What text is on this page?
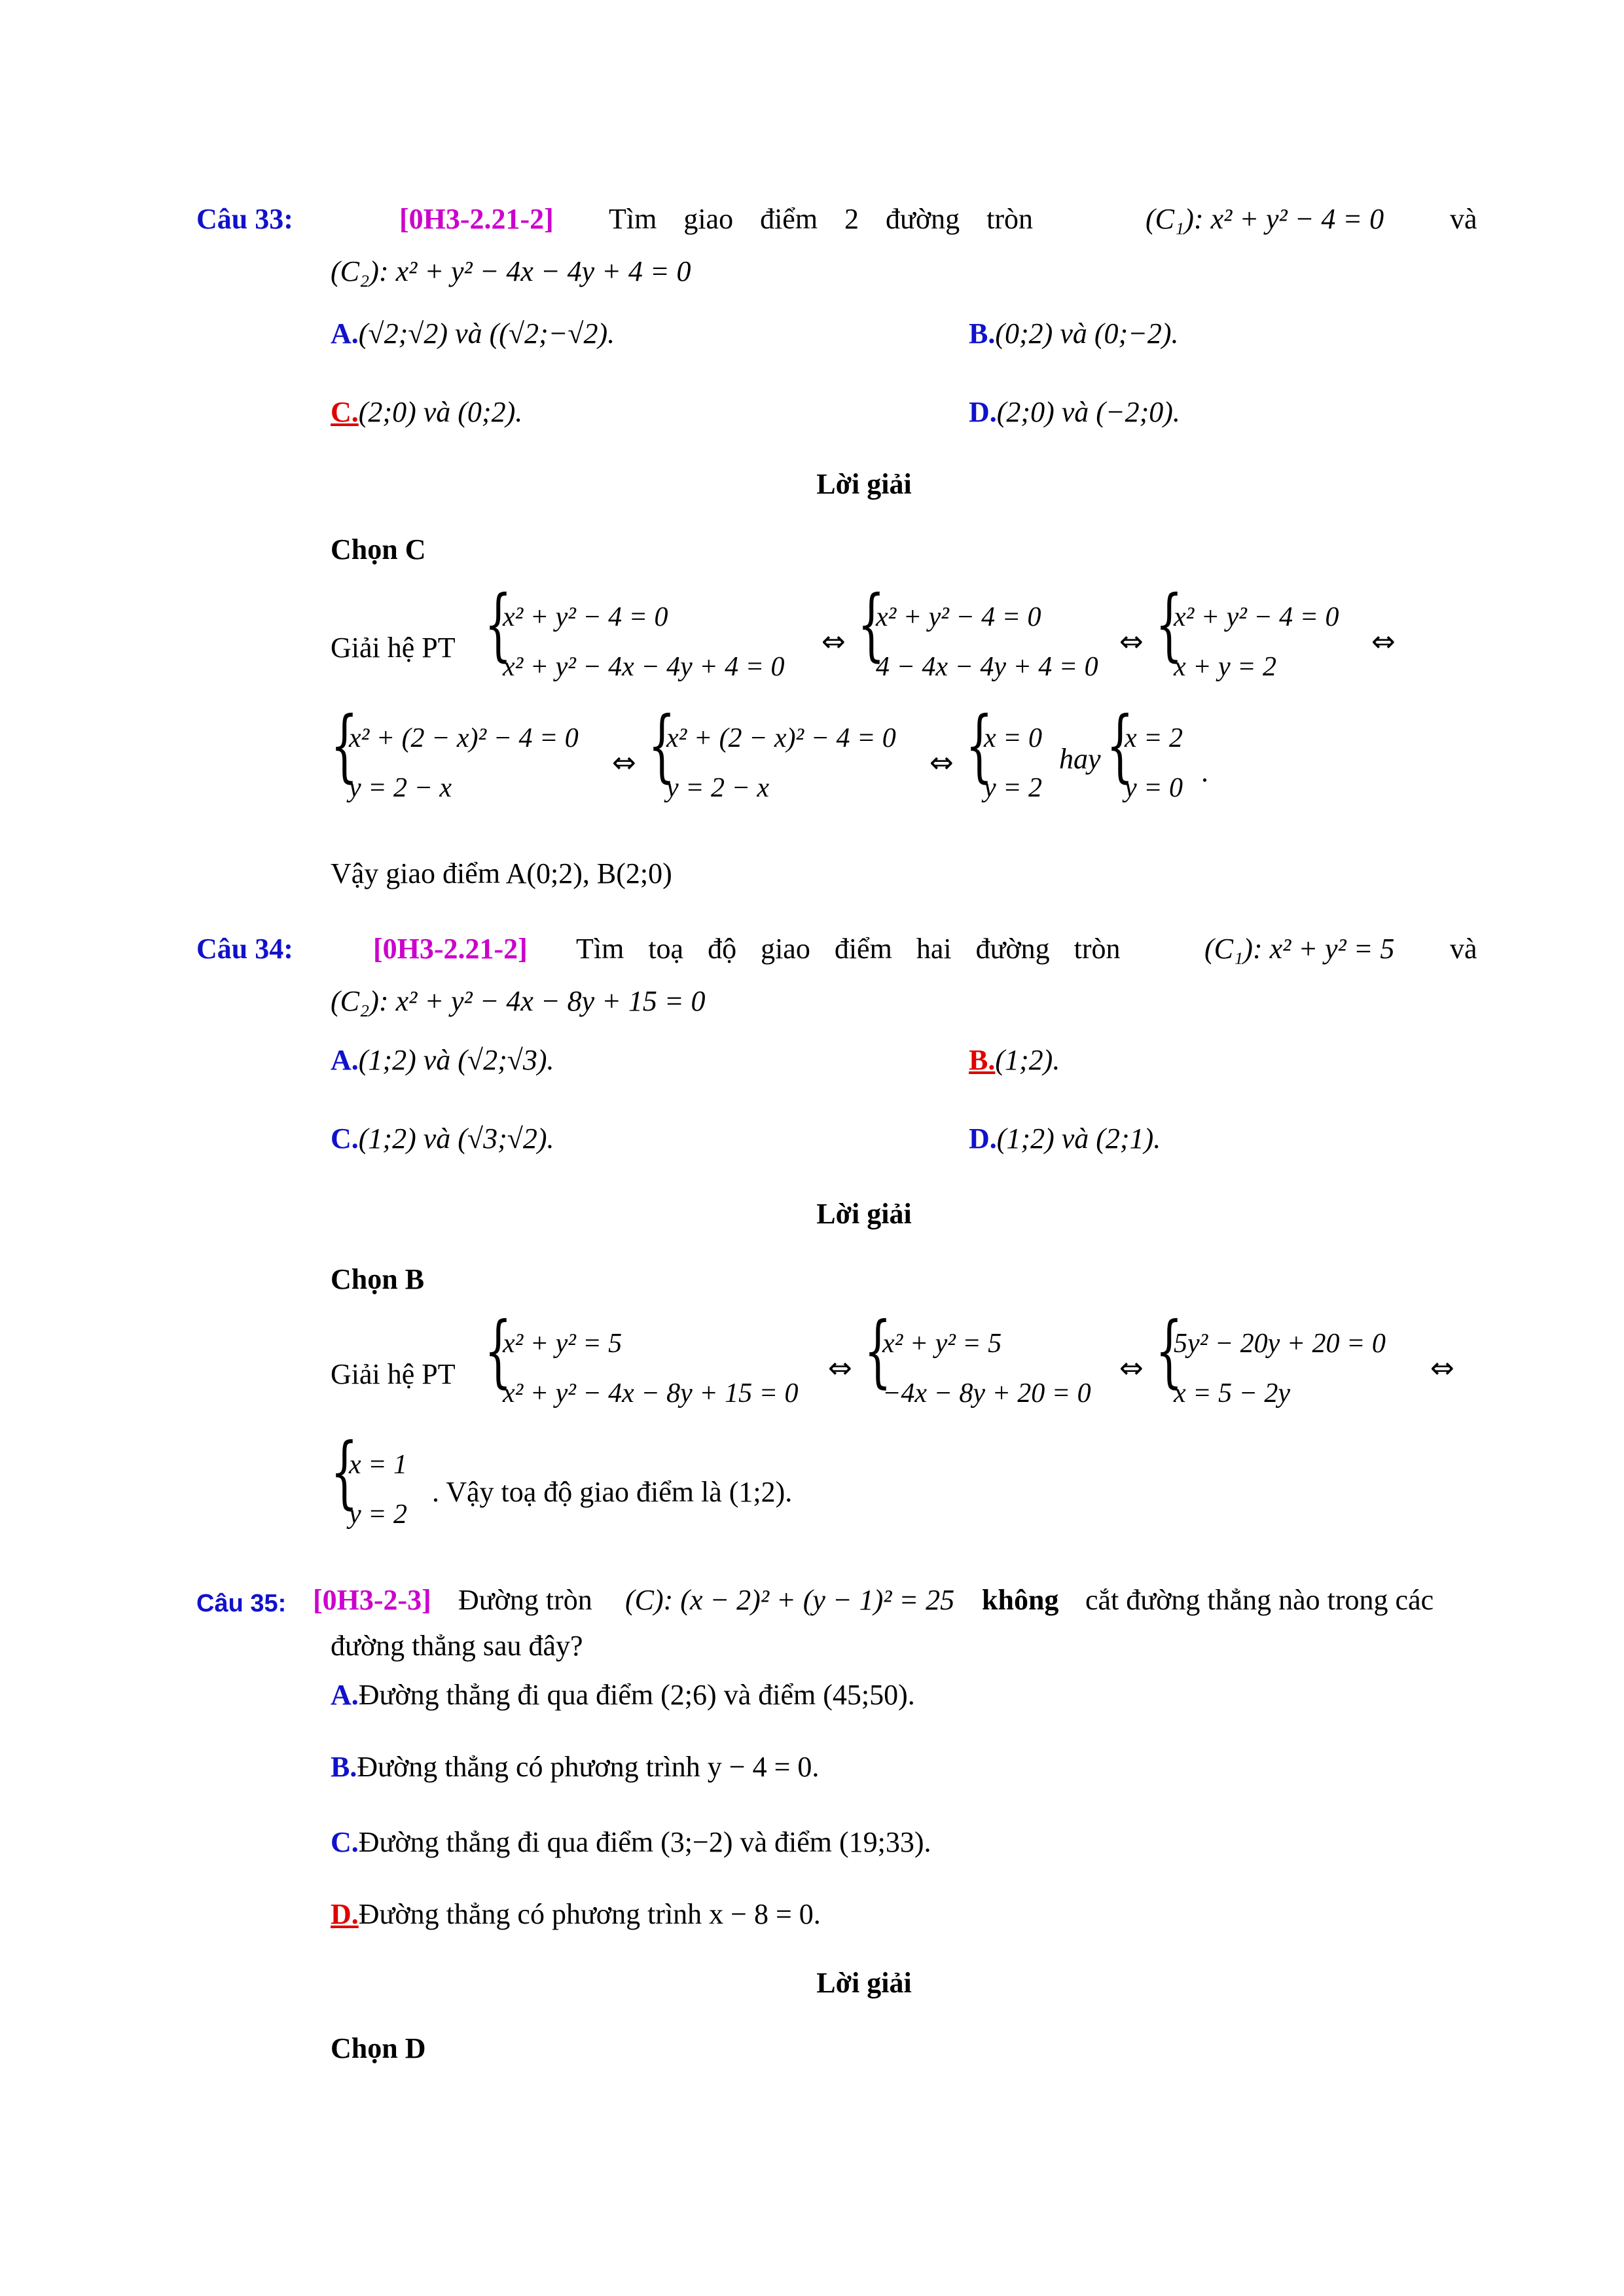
Câu 33:	[0H3-2.21-2] Tìm giao điểm 2 đường tròn	(C₁): x² + y² − 4 = 0 và
(C₂): x² + y² − 4x − 4y + 4 = 0
A.(√2;√2) và ((√2;−√2).	B.(0;2) và (0;−2).
C.(2;0) và (0;2).	D.(2;0) và (−2;0).
Lời giải
Chọn C
Giải hệ PT {
x² + y² − 4 = 0
x² + y² − 4x − 4y + 4 = 0
⇔ {
x² + y² − 4 = 0
4 − 4x − 4y + 4 = 0
⇔ {
x² + y² − 4 = 0
x + y = 2
⇔
{
x² + (2 − x)² − 4 = 0
y = 2 − x
⇔ {
x² + (2 − x)² − 4 = 0
y = 2 − x
⇔ {
x = 0
y = 2
hay {
x = 2
y = 0 .
Vậy giao điểm A(0;2), B(2;0)
Câu 34:	[0H3-2.21-2] Tìm toạ độ giao điểm hai đường tròn	(C₁): x² + y² = 5 và
(C₂): x² + y² − 4x − 8y + 15 = 0
A.(1;2) và (√2;√3).	B.(1;2).
C.(1;2) và (√3;√2).	D.(1;2) và (2;1).
Lời giải
Chọn B
Giải hệ PT {
x² + y² = 5
x² + y² − 4x − 8y + 15 = 0
⇔ {
x² + y² = 5
−4x − 8y + 20 = 0
⇔ {
5y² − 20y + 20 = 0
x = 5 − 2y
⇔
{
x = 1
y = 2
. Vậy toạ độ giao điểm là (1;2).
Câu 35: [0H3-2-3] Đường tròn (C): (x − 2)² + (y − 1)² = 25 không cắt đường thẳng nào trong các
đường thẳng sau đây?
A.Đường thẳng đi qua điểm (2;6) và điểm (45;50).
B.Đường thẳng có phương trình y − 4 = 0.
C.Đường thẳng đi qua điểm (3;−2) và điểm (19;33).
D.Đường thẳng có phương trình x − 8 = 0.
Lời giải
Chọn D
